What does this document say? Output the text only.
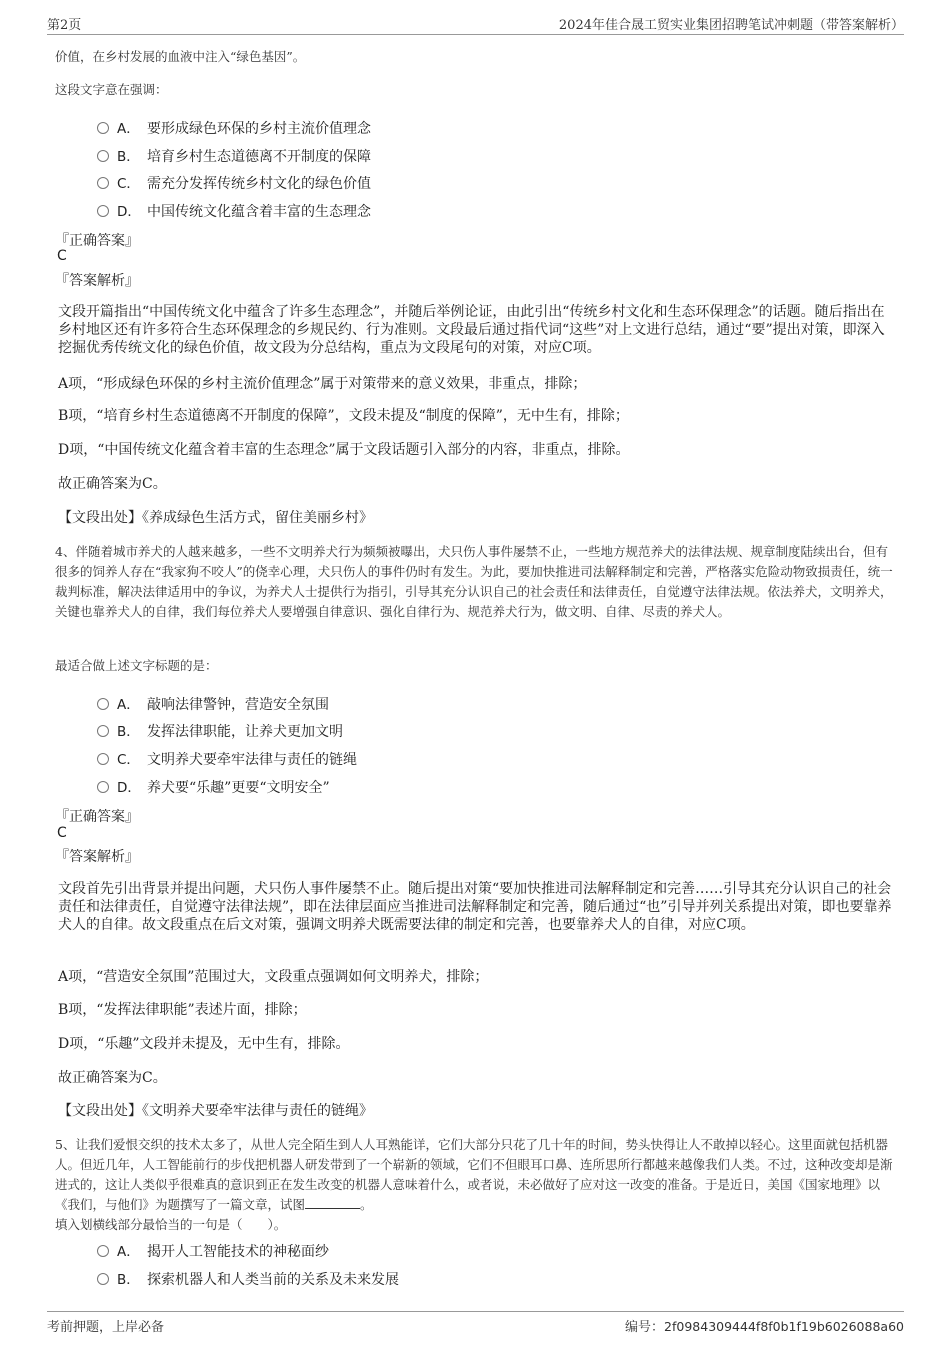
第2页	2024年佳合晟工贸实业集团招聘笔试冲刺题（带答案解析）
价值，在乡村发展的血液中注入“绿色基因”。
这段文字意在强调：
A． 要形成绿色环保的乡村主流价值理念
B． 培育乡村生态道德离不开制度的保障
C． 需充分发挥传统乡村文化的绿色价值
D． 中国传统文化蕴含着丰富的生态理念
『正确答案』
C
『答案解析』
文段开篇指出“中国传统文化中蕴含了许多生态理念”，并随后举例论证，由此引出“传统乡村文化和生态环保理念”的话题。随后指出在乡村地区还有许多符合生态环保理念的乡规民约、行为准则。文段最后通过指代词“这些”对上文进行总结，通过“要”提出对策，即深入挖掘优秀传统文化的绿色价值，故文段为分总结构，重点为文段尾句的对策，对应C项。
A项，“形成绿色环保的乡村主流价值理念”属于对策带来的意义效果，非重点，排除；
B项，“培育乡村生态道德离不开制度的保障”，文段未提及“制度的保障”，无中生有，排除；
D项，“中国传统文化蕴含着丰富的生态理念”属于文段话题引入部分的内容，非重点，排除。
故正确答案为C。
【文段出处】《养成绿色生活方式，留住美丽乡村》
4、伴随着城市养犬的人越来越多，一些不文明养犬行为频频被曝出，犬只伤人事件屡禁不止，一些地方规范养犬的法律法规、规章制度陆续出台，但有很多的饲养人存在“我家狗不咬人”的侥幸心理，犬只伤人的事件仍时有发生。为此，要加快推进司法解释制定和完善，严格落实危险动物致损责任，统一裁判标准，解决法律适用中的争议，为养犬人士提供行为指引，引导其充分认识自己的社会责任和法律责任，自觉遵守法律法规。依法养犬，文明养犬，关键也靠养犬人的自律，我们每位养犬人要增强自律意识、强化自律行为、规范养犬行为，做文明、自律、尽责的养犬人。
最适合做上述文字标题的是：
A． 敲响法律警钟，营造安全氛围
B． 发挥法律职能，让养犬更加文明
C． 文明养犬要牵牢法律与责任的链绳
D． 养犬要“乐趣”更要“文明安全”
『正确答案』
C
『答案解析』
文段首先引出背景并提出问题，犬只伤人事件屡禁不止。随后提出对策“要加快推进司法解释制定和完善……引导其充分认识自己的社会责任和法律责任，自觉遵守法律法规”，即在法律层面应当推进司法解释制定和完善，随后通过“也”引导并列关系提出对策，即也要靠养犬人的自律。故文段重点在后文对策，强调文明养犬既需要法律的制定和完善，也要靠养犬人的自律，对应C项。
A项，“营造安全氛围”范围过大，文段重点强调如何文明养犬，排除；
B项，“发挥法律职能”表述片面，排除；
D项，“乐趣”文段并未提及，无中生有，排除。
故正确答案为C。
【文段出处】《文明养犬要牵牢法律与责任的链绳》
5、让我们爱恨交织的技术太多了，从世人完全陌生到人人耳熟能详，它们大部分只花了几十年的时间，势头快得让人不敢掉以轻心。这里面就包括机器人。但近几年，人工智能前行的步伐把机器人研发带到了一个崭新的领域，它们不但眼耳口鼻、连所思所行都越来越像我们人类。不过，这种改变却是渐进式的，这让人类似乎很难真的意识到正在发生改变的机器人意味着什么，或者说，未必做好了应对这一改变的准备。于是近日，美国《国家地理》以《我们，与他们》为题撰写了一篇文章，试图	。
填入划横线部分最恰当的一句是（　　）。
A． 揭开人工智能技术的神秘面纱
B． 探索机器人和人类当前的关系及未来发展
考前押题，上岸必备	编号：2f0984309444f8f0b1f19b6026088a60
